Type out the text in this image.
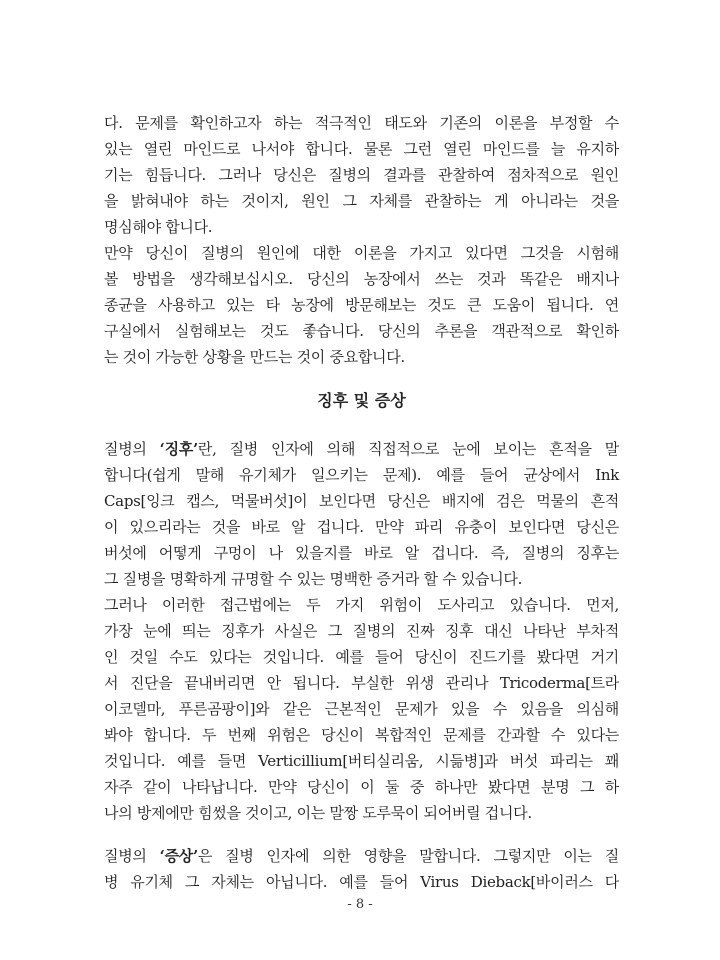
다. 문제를 확인하고자 하는 적극적인 태도와 기존의 이론을 부정할 수
있는 열린 마인드로 나서야 합니다. 물론 그런 열린 마인드를 늘 유지하
기는 힘듭니다. 그러나 당신은 질병의 결과를 관찰하여 점차적으로 원인
을 밝혀내야 하는 것이지, 원인 그 자체를 관찰하는 게 아니라는 것을
명심해야 합니다.
만약 당신이 질병의 원인에 대한 이론을 가지고 있다면 그것을 시험해
볼 방법을 생각해보십시오. 당신의 농장에서 쓰는 것과 똑같은 배지나
종균을 사용하고 있는 타 농장에 방문해보는 것도 큰 도움이 됩니다. 연
구실에서 실험해보는 것도 좋습니다. 당신의 추론을 객관적으로 확인하
는 것이 가능한 상황을 만드는 것이 중요합니다.
징후 및 증상
질병의 ‘징후’란, 질병 인자에 의해 직접적으로 눈에 보이는 흔적을 말
합니다(쉽게 말해 유기체가 일으키는 문제). 예를 들어 균상에서 Ink
Caps[잉크 캡스, 먹물버섯]이 보인다면 당신은 배지에 검은 먹물의 흔적
이 있으리라는 것을 바로 알 겁니다. 만약 파리 유충이 보인다면 당신은
버섯에 어떻게 구멍이 나 있을지를 바로 알 겁니다. 즉, 질병의 징후는
그 질병을 명확하게 규명할 수 있는 명백한 증거라 할 수 있습니다.
그러나 이러한 접근법에는 두 가지 위험이 도사리고 있습니다. 먼저,
가장 눈에 띄는 징후가 사실은 그 질병의 진짜 징후 대신 나타난 부차적
인 것일 수도 있다는 것입니다. 예를 들어 당신이 진드기를 봤다면 거기
서 진단을 끝내버리면 안 됩니다. 부실한 위생 관리나 Tricoderma[트라
이코델마, 푸른곰팡이]와 같은 근본적인 문제가 있을 수 있음을 의심해
봐야 합니다. 두 번째 위험은 당신이 복합적인 문제를 간과할 수 있다는
것입니다. 예를 들면 Verticillium[버티실리움, 시듦병]과 버섯 파리는 꽤
자주 같이 나타납니다. 만약 당신이 이 둘 중 하나만 봤다면 분명 그 하
나의 방제에만 힘썼을 것이고, 이는 말짱 도루묵이 되어버릴 겁니다.
질병의 ‘증상’은 질병 인자에 의한 영향을 말합니다. 그렇지만 이는 질
병 유기체 그 자체는 아닙니다. 예를 들어 Virus Dieback[바이러스 다
- 8 -
